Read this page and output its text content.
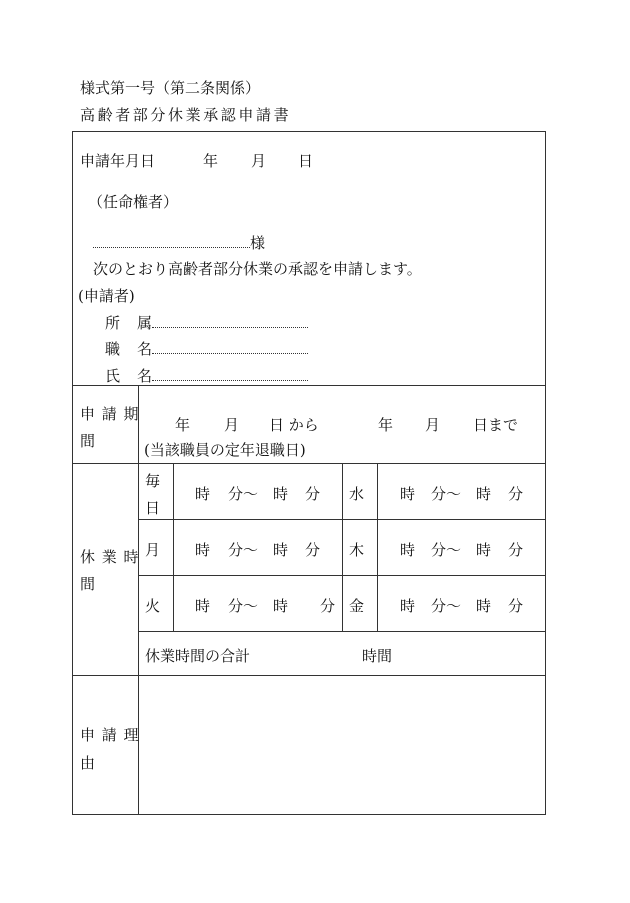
様式第一号（第二条関係）
高齢者部分休業承認申請書
申請年月日	年 月 日
（任命権者）
様
次のとおり高齢者部分休業の承認を申請します。
(申請者)
所 属
職 名
氏 名
申 請 期
間
年 月 日 から	年 月 日まで
(当該職員の定年退職日)
休 業 時
間
毎
日
時 分〜 時 分 水 時 分〜 時 分
月 時 分〜 時 分 木 時 分〜 時 分
火 時 分〜 時 分 金 時 分〜 時 分
休業時間の合計	時間
申 請 理
由
